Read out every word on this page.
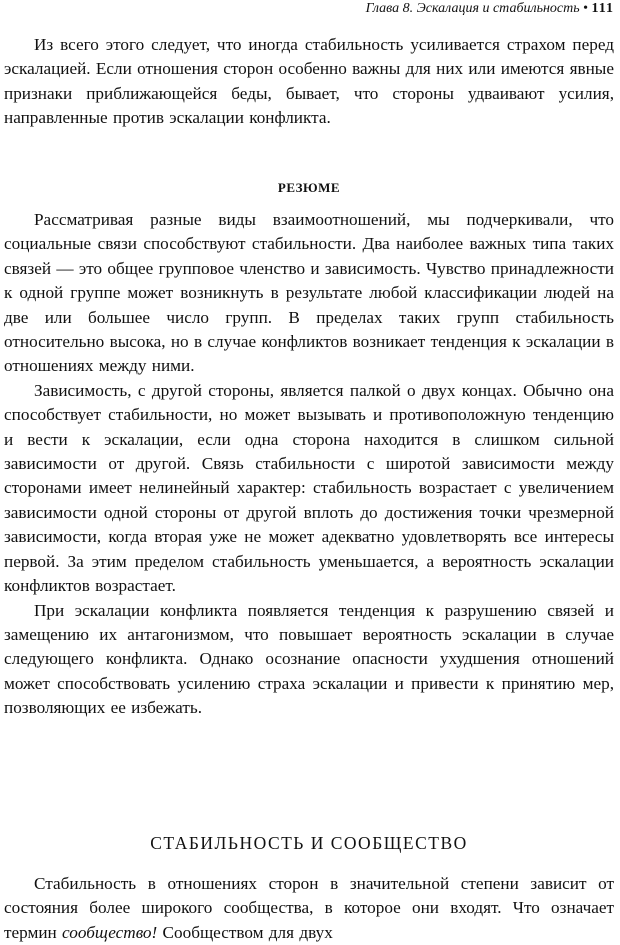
Глава 8. Эскалация и стабильность • 111

Из всего этого следует, что иногда стабильность усиливается страхом перед эскалацией. Если отношения сторон особенно важны для них или имеются явные признаки приближающейся беды, бывает, что стороны удваивают усилия, направленные против эскалации конфликта.

РЕЗЮМЕ

Рассматривая разные виды взаимоотношений, мы подчеркивали, что социальные связи способствуют стабильности. Два наиболее важных типа таких связей — это общее групповое членство и зависимость. Чувство принадлежности к одной группе может возникнуть в результате любой классификации людей на две или большее число групп. В пределах таких групп стабильность относительно высока, но в случае конфликтов возникает тенденция к эскалации в отношениях между ними.

Зависимость, с другой стороны, является палкой о двух концах. Обычно она способствует стабильности, но может вызывать и противоположную тенденцию и вести к эскалации, если одна сторона находится в слишком сильной зависимости от другой. Связь стабильности с широтой зависимости между сторонами имеет нелинейный характер: стабильность возрастает с увеличением зависимости одной стороны от другой вплоть до достижения точки чрезмерной зависимости, когда вторая уже не может адекватно удовлетворять все интересы первой. За этим пределом стабильность уменьшается, а вероятность эскалации конфликтов возрастает.

При эскалации конфликта появляется тенденция к разрушению связей и замещению их антагонизмом, что повышает вероятность эскалации в случае следующего конфликта. Однако осознание опасности ухудшения отношений может способствовать усилению страха эскалации и привести к принятию мер, позволяющих ее избежать.

СТАБИЛЬНОСТЬ И СООБЩЕСТВО

Стабильность в отношениях сторон в значительной степени зависит от состояния более широкого сообщества, в которое они входят. Что означает термин сообщество! Сообществом для двух
